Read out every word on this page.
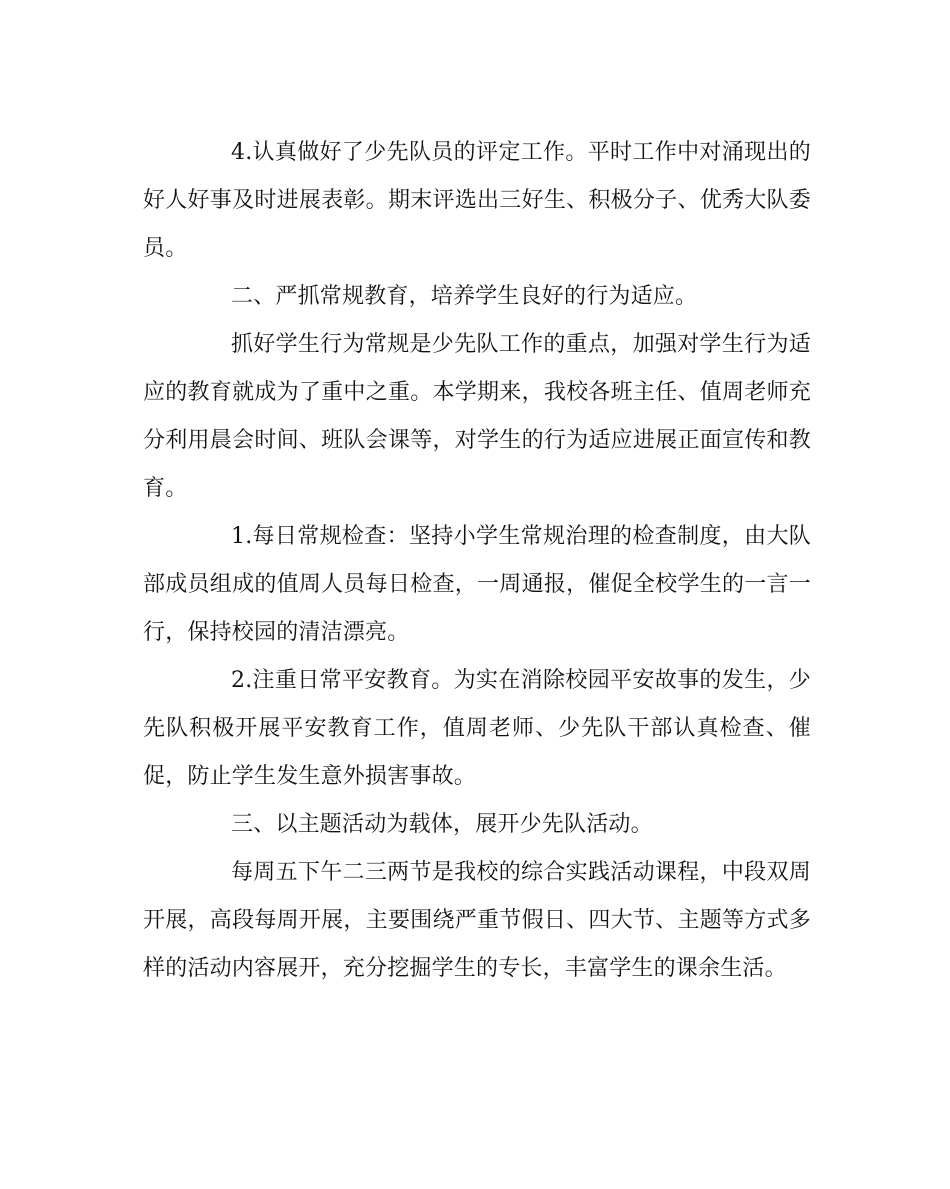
4.认真做好了少先队员的评定工作。平时工作中对涌现出的好人好事及时进展表彰。期末评选出三好生、积极分子、优秀大队委员。

二、严抓常规教育，培养学生良好的行为适应。

抓好学生行为常规是少先队工作的重点，加强对学生行为适应的教育就成为了重中之重。本学期来，我校各班主任、值周老师充分利用晨会时间、班队会课等，对学生的行为适应进展正面宣传和教育。

1.每日常规检查：坚持小学生常规治理的检查制度，由大队部成员组成的值周人员每日检查，一周通报，催促全校学生的一言一行，保持校园的清洁漂亮。

2.注重日常平安教育。为实在消除校园平安故事的发生，少先队积极开展平安教育工作，值周老师、少先队干部认真检查、催促，防止学生发生意外损害事故。

三、以主题活动为载体，展开少先队活动。

每周五下午二三两节是我校的综合实践活动课程，中段双周开展，高段每周开展，主要围绕严重节假日、四大节、主题等方式多样的活动内容展开，充分挖掘学生的专长，丰富学生的课余生活。
